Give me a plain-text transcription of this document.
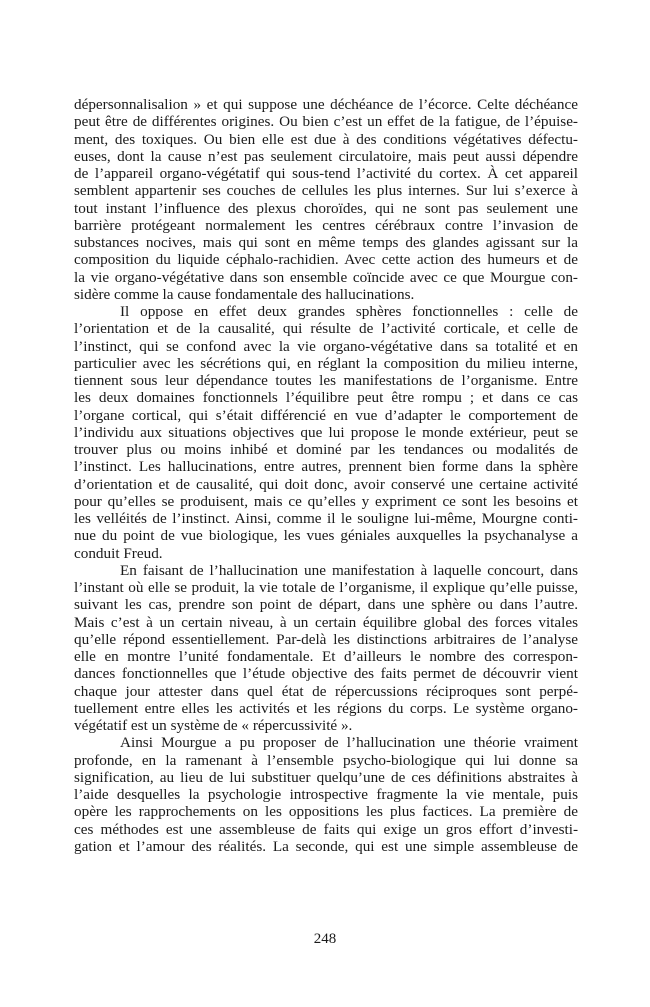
dépersonnalisalion » et qui suppose une déchéance de l’écorce. Celte déchéance
peut être de différentes origines. Ou bien c’est un effet de la fatigue, de l’épuise-
ment, des toxiques. Ou bien elle est due à des conditions végétatives défectu-
euses, dont la cause n’est pas seulement circulatoire, mais peut aussi dépendre
de l’appareil organo-végétatif qui sous-tend l’activité du cortex. À cet appareil
semblent appartenir ses couches de cellules les plus internes. Sur lui s’exerce à
tout instant l’influence des plexus choroïdes, qui ne sont pas seulement une
barrière protégeant normalement les centres cérébraux contre l’invasion de
substances nocives, mais qui sont en même temps des glandes agissant sur la
composition du liquide céphalo-rachidien. Avec cette action des humeurs et de
la vie organo-végétative dans son ensemble coïncide avec ce que Mourgue con-
sidère comme la cause fondamentale des hallucinations.

Il oppose en effet deux grandes sphères fonctionnelles : celle de
l’orientation et de la causalité, qui résulte de l’activité corticale, et celle de
l’instinct, qui se confond avec la vie organo-végétative dans sa totalité et en
particulier avec les sécrétions qui, en réglant la composition du milieu interne,
tiennent sous leur dépendance toutes les manifestations de l’organisme. Entre
les deux domaines fonctionnels l’équilibre peut être rompu ; et dans ce cas
l’organe cortical, qui s’était différencié en vue d’adapter le comportement de
l’individu aux situations objectives que lui propose le monde extérieur, peut se
trouver plus ou moins inhibé et dominé par les tendances ou modalités de
l’instinct. Les hallucinations, entre autres, prennent bien forme dans la sphère
d’orientation et de causalité, qui doit donc, avoir conservé une certaine activité
pour qu’elles se produisent, mais ce qu’elles y expriment ce sont les besoins et
les velléités de l’instinct. Ainsi, comme il le souligne lui-même, Mourgne conti-
nue du point de vue biologique, les vues géniales auxquelles la psychanalyse a
conduit Freud.

En faisant de l’hallucination une manifestation à laquelle concourt, dans
l’instant où elle se produit, la vie totale de l’organisme, il explique qu’elle puisse,
suivant les cas, prendre son point de départ, dans une sphère ou dans l’autre.
Mais c’est à un certain niveau, à un certain équilibre global des forces vitales
qu’elle répond essentiellement. Par-delà les distinctions arbitraires de l’analyse
elle en montre l’unité fondamentale. Et d’ailleurs le nombre des correspon-
dances fonctionnelles que l’étude objective des faits permet de découvrir vient
chaque jour attester dans quel état de répercussions réciproques sont perpé-
tuellement entre elles les activités et les régions du corps. Le système organo-
végétatif est un système de « répercussivité ».

Ainsi Mourgue a pu proposer de l’hallucination une théorie vraiment
profonde, en la ramenant à l’ensemble psycho-biologique qui lui donne sa
signification, au lieu de lui substituer quelqu’une de ces définitions abstraites à
l’aide desquelles la psychologie introspective fragmente la vie mentale, puis
opère les rapprochements on les oppositions les plus factices. La première de
ces méthodes est une assembleuse de faits qui exige un gros effort d’investi-
gation et l’amour des réalités. La seconde, qui est une simple assembleuse de

248
